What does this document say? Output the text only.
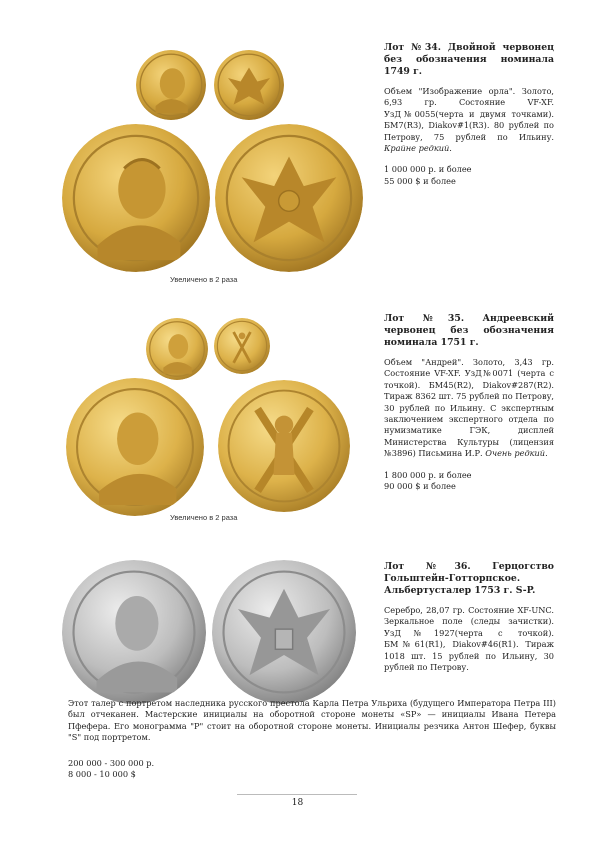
Увеличено в 2 раза
Лот №34. Двойной червонец без обозначения номинала 1749 г.
Объем "Изображение орла". Золото, 6,93 гр. Состояние VF-XF. УзД№0055(черта и двумя точками). БМ7(R3), Diakov#1(R3). 80 рублей по Петрову, 75 рублей по Ильину. Крайне редкий.
1 000 000 р. и более
55 000 $ и более
Увеличено в 2 раза
Лот №35. Андреевский червонец без обозначения номинала 1751 г.
Объем "Андрей". Золото, 3,43 гр. Состояние VF-XF. УзД№0071 (черта с точкой). БМ45(R2), Diakov#287(R2). Тираж 8362 шт. 75 рублей по Петрову, 30 рублей по Ильину. С экспертным заключением экспертного отдела по нумизматике ГЭК, дисплей Министерства Культуры (лицензия №3896) Письмина И.Р. Очень редкий.
1 800 000 р. и более
90 000 $ и более
Лот №36. Герцогство Гольштейн-Готторпское. Альбертусталер 1753 г. S-P.
Серебро, 28,07 гр. Состояние XF-UNC. Зеркальное поле (следы зачистки). УзД№1927(черта с точкой). БМ№61(R1), Diakov#46(R1). Тираж 1018 шт. 15 рублей по Ильину, 30 рублей по Петрову.
Этот талер с портретом наследника русского престола Карла Петра Ульриха (будущего Императора Петра III) был отчеканен. Мастерские инициалы на оборотной стороне монеты «SP» — инициалы Ивана Петера Пфефера. Его монограмма "P" стоит на оборотной стороне монеты. Инициалы резчика Антон Шефер, буквы "S" под портретом.
200 000 - 300 000 р.
8 000 - 10 000 $
18
